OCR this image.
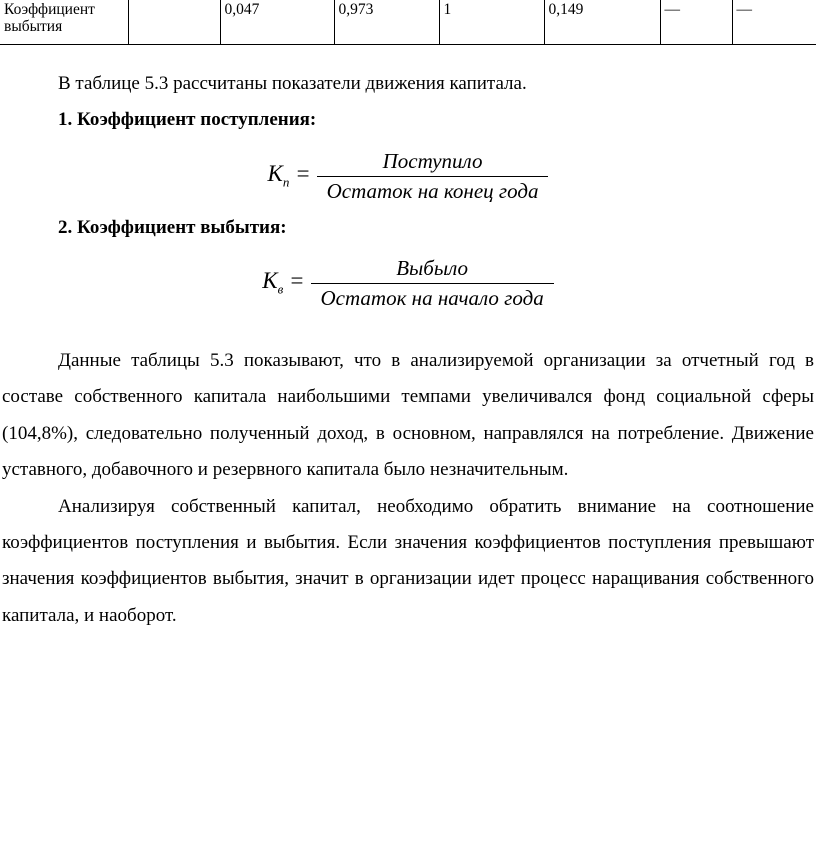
Коэффициент выбытия		0,047	0,973	1	0,149	—	—

В таблице 5.3 рассчитаны показатели движения капитала.

1. Коэффициент поступления:
$К_п = \frac{\text{Поступило}}{\text{Остаток на конец года}}$
2. Коэффициент выбытия:
$К_в = \frac{\text{Выбыло}}{\text{Остаток на начало года}}$

Данные таблицы 5.3 показывают, что в анализируемой организации за отчетный год в составе собственного капитала наибольшими темпами увеличивался фонд социальной сферы (104,8%), следовательно полученный доход, в основном, направлялся на потребление. Движение уставного, добавочного и резервного капитала было незначительным.

Анализируя собственный капитал, необходимо обратить внимание на соотношение коэффициентов поступления и выбытия. Если значения коэффициентов поступления превышают значения коэффициентов выбытия, значит в организации идет процесс наращивания собственного капитала, и наоборот.
